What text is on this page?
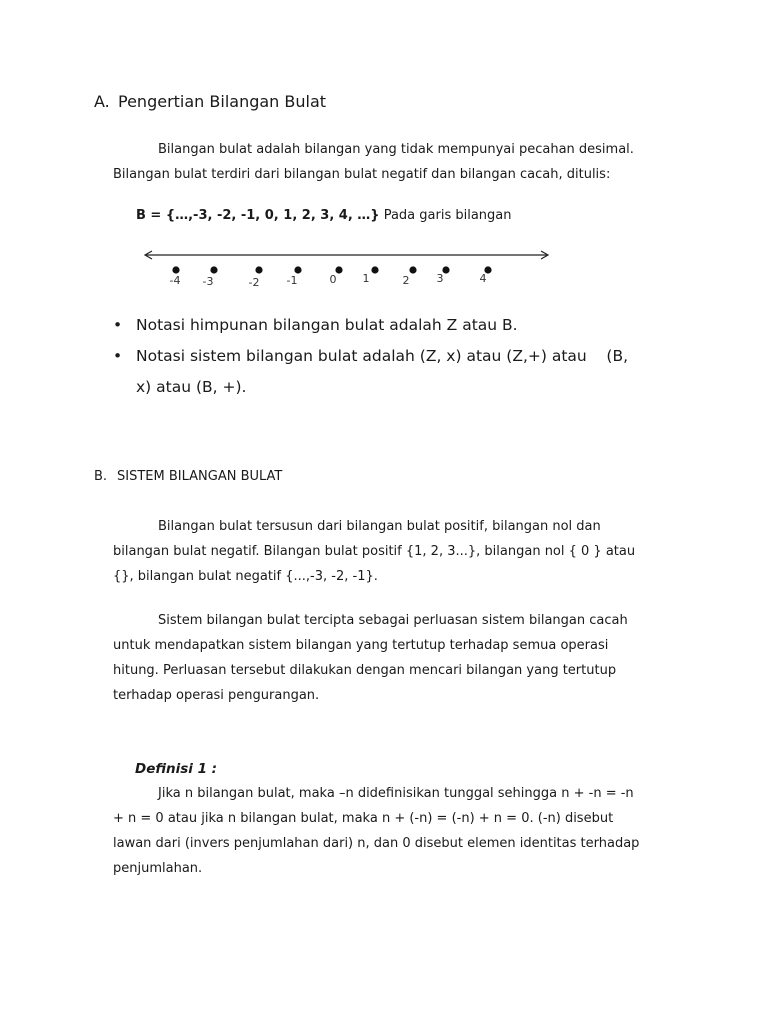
A. Pengertian Bilangan Bulat
Bilangan bulat adalah bilangan yang tidak mempunyai pecahan desimal.
Bilangan bulat terdiri dari bilangan bulat negatif dan bilangan cacah, ditulis:
B = {…,-3, -2, -1, 0, 1, 2, 3, 4, …} Pada garis bilangan
-4 -3	-2 -1	0 1	2 3	4
• Notasi himpunan bilangan bulat adalah Z atau B.
• Notasi sistem bilangan bulat adalah (Z, x) atau (Z,+) atau    (B,
x) atau (B, +).
B. SISTEM BILANGAN BULAT
Bilangan bulat tersusun dari bilangan bulat positif, bilangan nol dan
bilangan bulat negatif. Bilangan bulat positif {1, 2, 3...}, bilangan nol { 0 } atau
{}, bilangan bulat negatif {...,-3, -2, -1}.
Sistem bilangan bulat tercipta sebagai perluasan sistem bilangan cacah
untuk mendapatkan sistem bilangan yang tertutup terhadap semua operasi
hitung. Perluasan tersebut dilakukan dengan mencari bilangan yang tertutup
terhadap operasi pengurangan.
Definisi 1 :
Jika n bilangan bulat, maka –n didefinisikan tunggal sehingga n + -n = -n
+ n = 0 atau jika n bilangan bulat, maka n + (-n) = (-n) + n = 0. (-n) disebut
lawan dari (invers penjumlahan dari) n, dan 0 disebut elemen identitas terhadap
penjumlahan.
